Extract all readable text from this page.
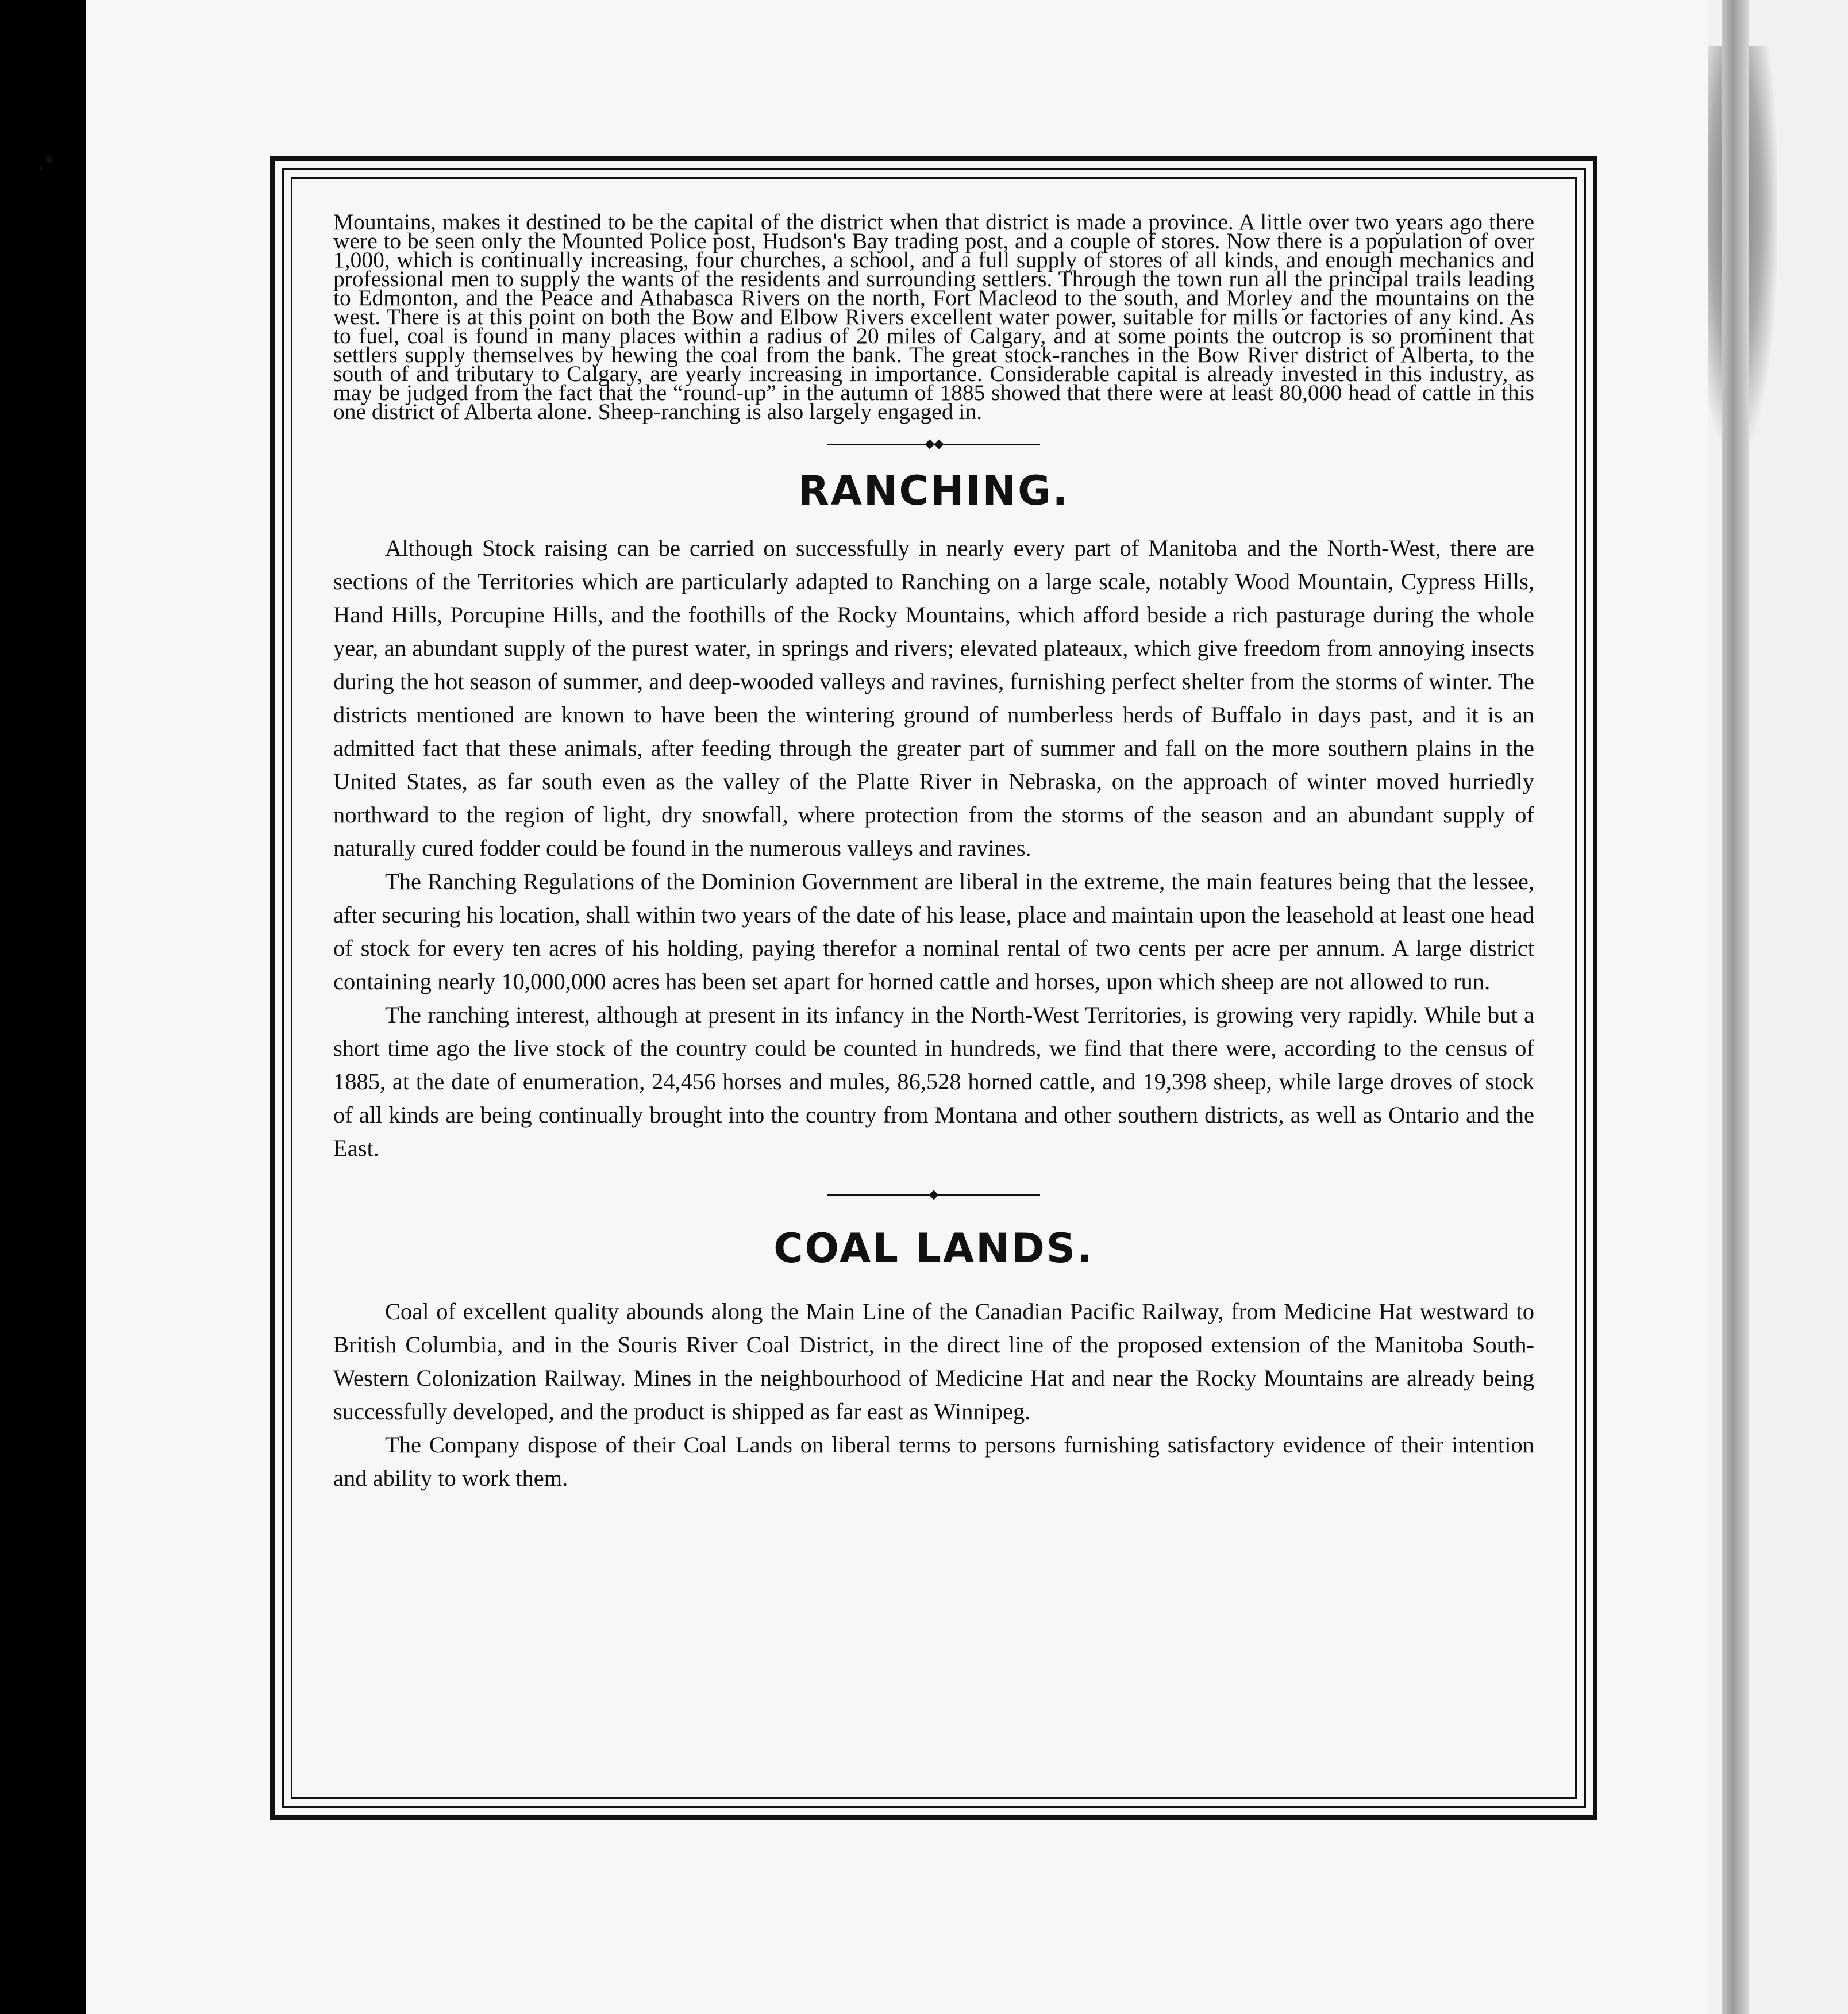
Mountains, makes it destined to be the capital of the district when that district is made a province. A little over two years ago there were to be seen only the Mounted Police post, Hudson's Bay trading post, and a couple of stores. Now there is a population of over 1,000, which is continually increasing, four churches, a school, and a full supply of stores of all kinds, and enough mechanics and professional men to supply the wants of the residents and surrounding settlers. Through the town run all the principal trails leading to Edmonton, and the Peace and Athabasca Rivers on the north, Fort Macleod to the south, and Morley and the mountains on the west. There is at this point on both the Bow and Elbow Rivers excellent water power, suitable for mills or factories of any kind. As to fuel, coal is found in many places within a radius of 20 miles of Calgary, and at some points the outcrop is so prominent that settlers supply themselves by hewing the coal from the bank. The great stock-ranches in the Bow River district of Alberta, to the south of and tributary to Calgary, are yearly increasing in importance. Considerable capital is already invested in this industry, as may be judged from the fact that the “round-up” in the autumn of 1885 showed that there were at least 80,000 head of cattle in this one district of Alberta alone. Sheep-ranching is also largely engaged in.

RANCHING.

Although Stock raising can be carried on successfully in nearly every part of Manitoba and the North-West, there are sections of the Territories which are particularly adapted to Ranching on a large scale, notably Wood Mountain, Cypress Hills, Hand Hills, Porcupine Hills, and the foothills of the Rocky Mountains, which afford beside a rich pasturage during the whole year, an abundant supply of the purest water, in springs and rivers; elevated plateaux, which give freedom from annoying insects during the hot season of summer, and deep-wooded valleys and ravines, furnishing perfect shelter from the storms of winter. The districts mentioned are known to have been the wintering ground of numberless herds of Buffalo in days past, and it is an admitted fact that these animals, after feeding through the greater part of summer and fall on the more southern plains in the United States, as far south even as the valley of the Platte River in Nebraska, on the approach of winter moved hurriedly northward to the region of light, dry snowfall, where protection from the storms of the season and an abundant supply of naturally cured fodder could be found in the numerous valleys and ravines.

The Ranching Regulations of the Dominion Government are liberal in the extreme, the main features being that the lessee, after securing his location, shall within two years of the date of his lease, place and maintain upon the leasehold at least one head of stock for every ten acres of his holding, paying therefor a nominal rental of two cents per acre per annum. A large district containing nearly 10,000,000 acres has been set apart for horned cattle and horses, upon which sheep are not allowed to run.

The ranching interest, although at present in its infancy in the North-West Territories, is growing very rapidly. While but a short time ago the live stock of the country could be counted in hundreds, we find that there were, according to the census of 1885, at the date of enumeration, 24,456 horses and mules, 86,528 horned cattle, and 19,398 sheep, while large droves of stock of all kinds are being continually brought into the country from Montana and other southern districts, as well as Ontario and the East.

COAL LANDS.

Coal of excellent quality abounds along the Main Line of the Canadian Pacific Railway, from Medicine Hat westward to British Columbia, and in the Souris River Coal District, in the direct line of the proposed extension of the Manitoba South-Western Colonization Railway. Mines in the neighbourhood of Medicine Hat and near the Rocky Mountains are already being successfully developed, and the product is shipped as far east as Winnipeg.

The Company dispose of their Coal Lands on liberal terms to persons furnishing satisfactory evidence of their intention and ability to work them.
